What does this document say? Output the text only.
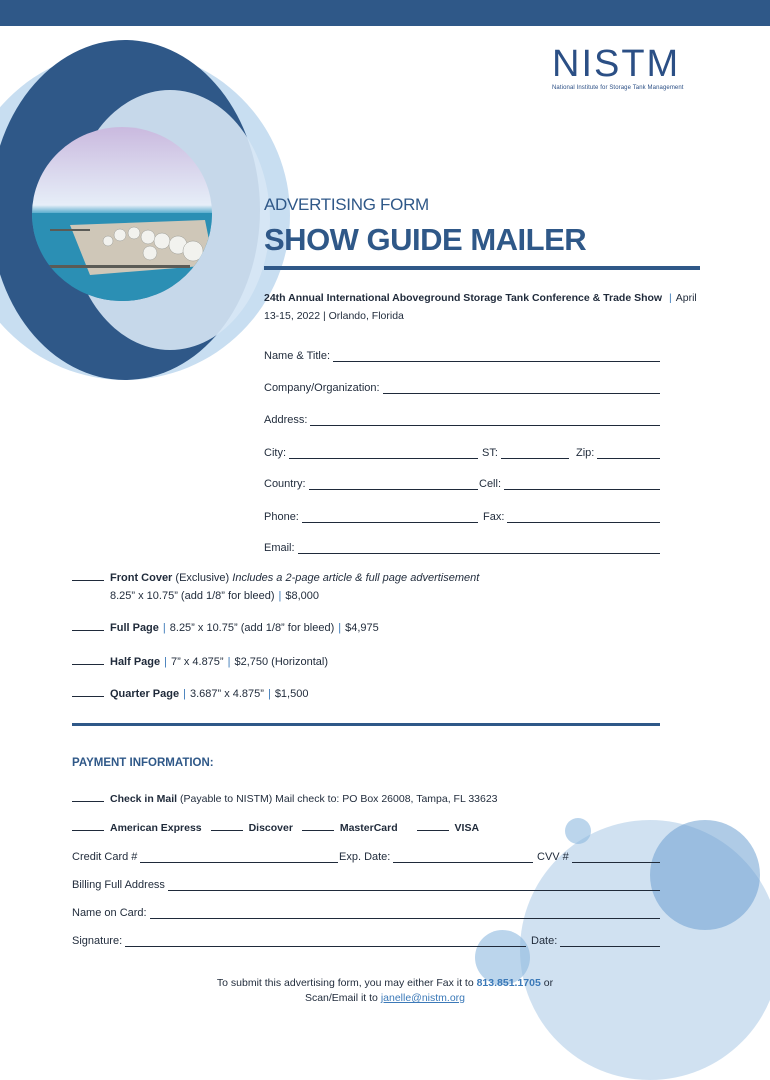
NISTM
National Institute for Storage Tank Management
ADVERTISING FORM
SHOW GUIDE MAILER
24th Annual International Aboveground Storage Tank Conference & Trade Show | April 13-15, 2022 | Orlando, Florida
Name & Title:
Company/Organization:
Address:
City:	ST:	Zip:
Country:	Cell:
Phone:	Fax:
Email:
Front Cover (Exclusive) Includes a 2-page article & full page advertisement
8.25” x 10.75” (add 1/8” for bleed) | $8,000
Full Page | 8.25” x 10.75” (add 1/8” for bleed) | $4,975
Half Page | 7” x 4.875” | $2,750 (Horizontal)
Quarter Page | 3.687” x 4.875” | $1,500
PAYMENT INFORMATION:
Check in Mail (Payable to NISTM) Mail check to: PO Box 26008, Tampa, FL 33623
American Express	Discover	MasterCard	VISA
Credit Card #	Exp. Date:	CVV #
Billing Full Address
Name on Card:
Signature:	Date:
To submit this advertising form, you may either Fax it to 813.851.1705 or
Scan/Email it to janelle@nistm.org
